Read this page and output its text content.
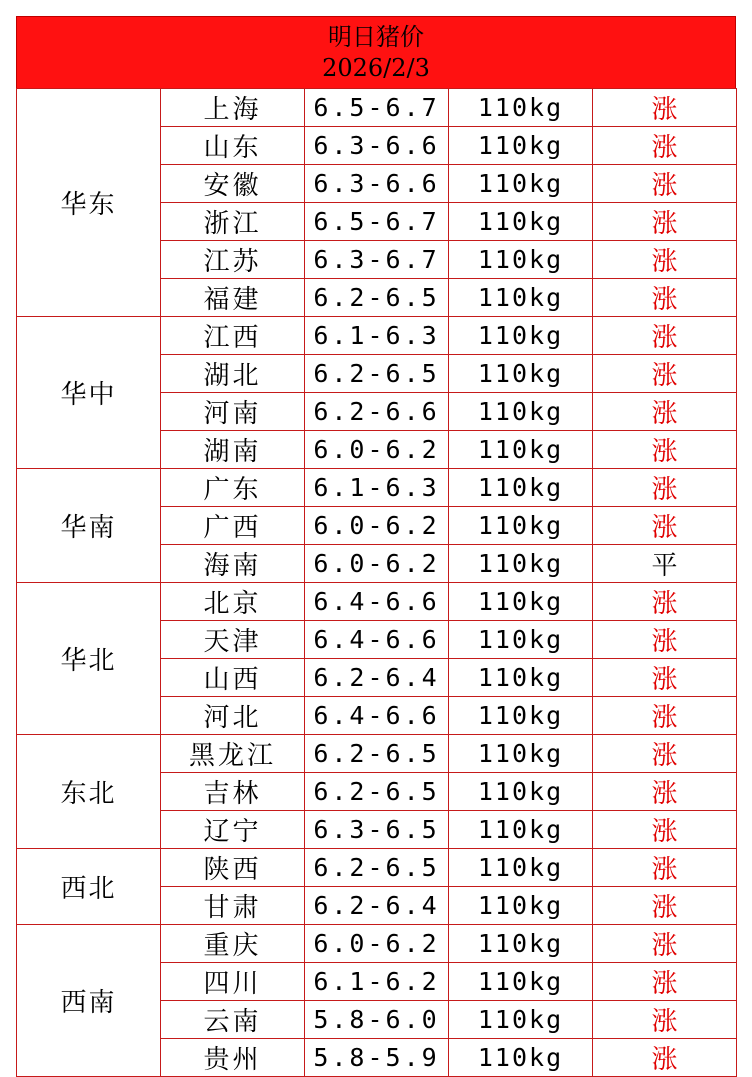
明日猪价
2026/2/3
华东	上海	6.5-6.7	110kg	涨
	山东	6.3-6.6	110kg	涨
	安徽	6.3-6.6	110kg	涨
	浙江	6.5-6.7	110kg	涨
	江苏	6.3-6.7	110kg	涨
	福建	6.2-6.5	110kg	涨
华中	江西	6.1-6.3	110kg	涨
	湖北	6.2-6.5	110kg	涨
	河南	6.2-6.6	110kg	涨
	湖南	6.0-6.2	110kg	涨
华南	广东	6.1-6.3	110kg	涨
	广西	6.0-6.2	110kg	涨
	海南	6.0-6.2	110kg	平
华北	北京	6.4-6.6	110kg	涨
	天津	6.4-6.6	110kg	涨
	山西	6.2-6.4	110kg	涨
	河北	6.4-6.6	110kg	涨
东北	黑龙江	6.2-6.5	110kg	涨
	吉林	6.2-6.5	110kg	涨
	辽宁	6.3-6.5	110kg	涨
西北	陕西	6.2-6.5	110kg	涨
	甘肃	6.2-6.4	110kg	涨
西南	重庆	6.0-6.2	110kg	涨
	四川	6.1-6.2	110kg	涨
	云南	5.8-6.0	110kg	涨
	贵州	5.8-5.9	110kg	涨
